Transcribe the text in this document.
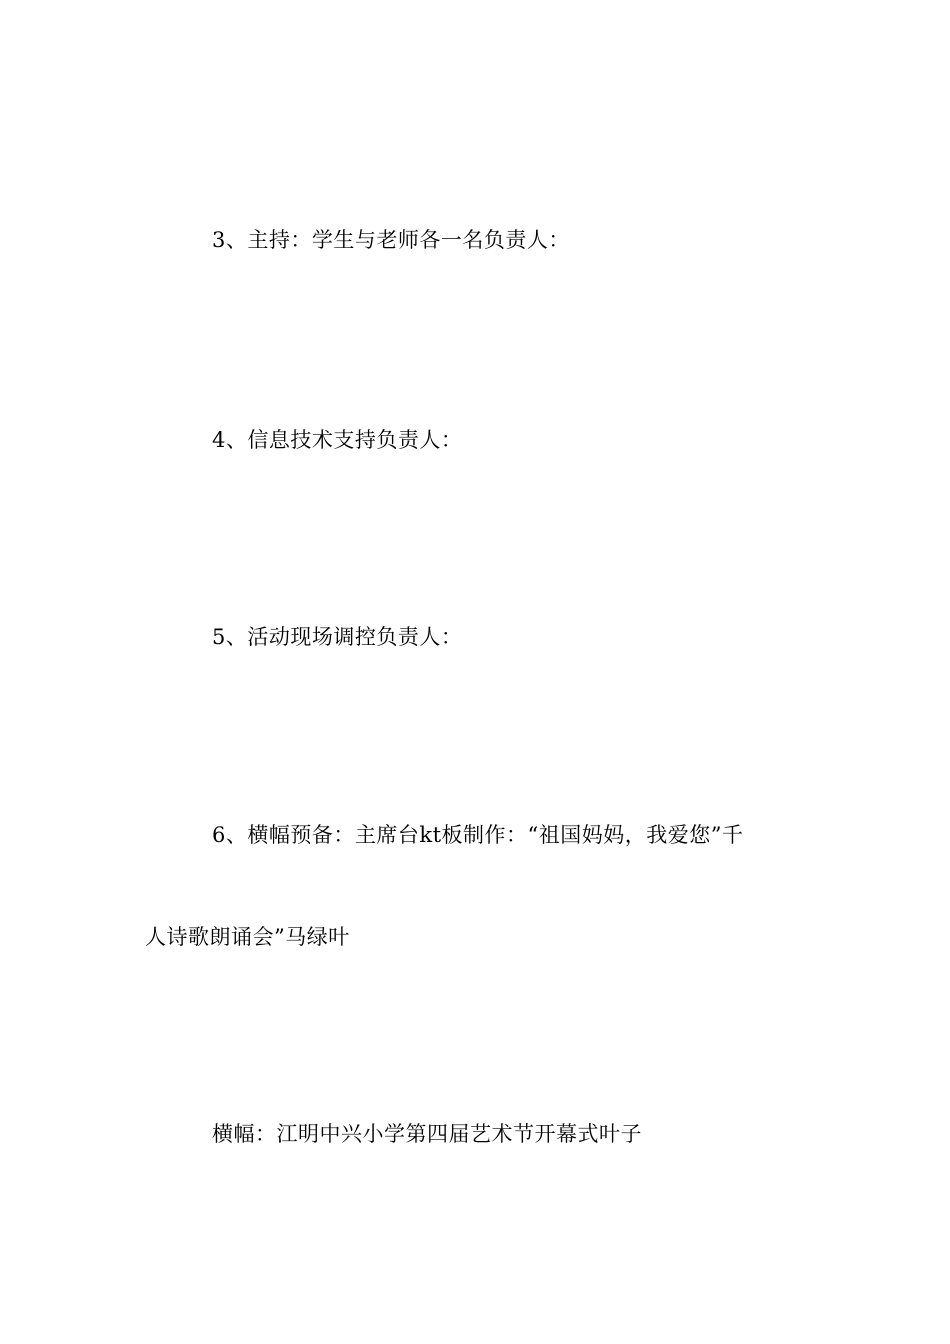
3、主持：学生与老师各一名负责人：
4、信息技术支持负责人：
5、活动现场调控负责人：
6、横幅预备：主席台kt板制作：“祖国妈妈，我爱您”千
人诗歌朗诵会”马绿叶
横幅：江明中兴小学第四届艺术节开幕式叶子
